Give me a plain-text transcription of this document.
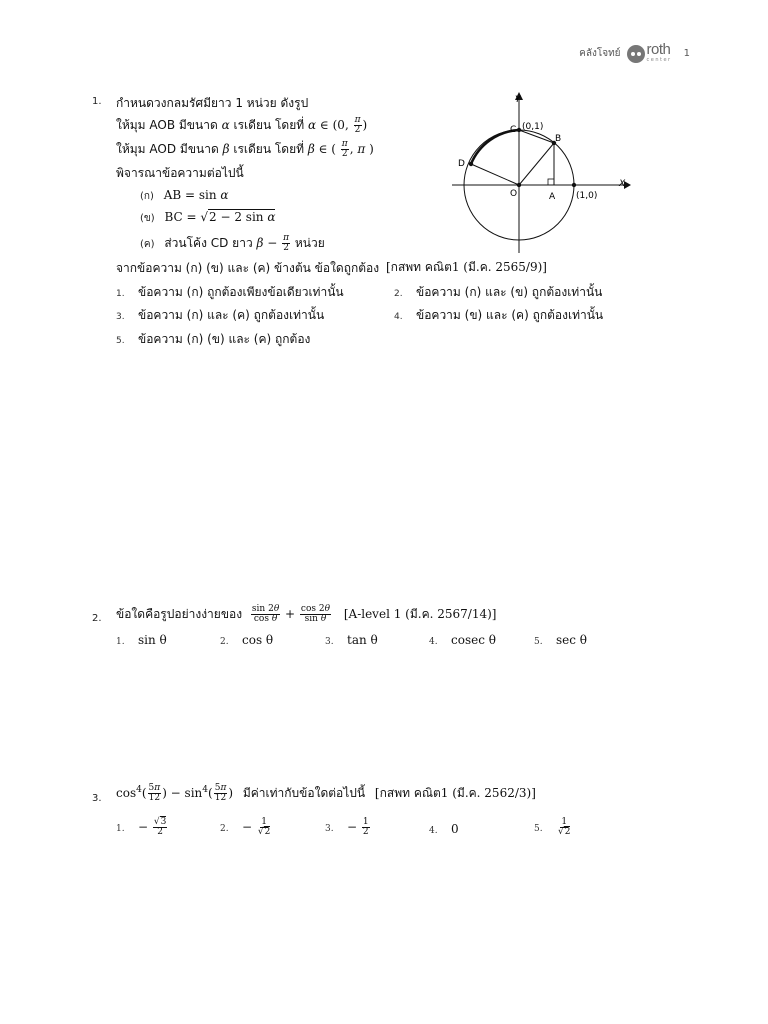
คลังโจทย์ roth
center
1
1. กำหนดวงกลมรัศมียาว 1 หน่วย ดังรูป
ให้มุม AOB มีขนาด α เรเดียน โดยที่ α ∈ (0, $\frac{\pi}{2}$ )
ให้มุม AOD มีขนาด β เรเดียน โดยที่ β ∈ ( $\frac{\pi}{2}$ , π )
พิจารณาข้อความต่อไปนี้
(ก) AB = sin α
(ข) BC = √2 − 2 sin α
(ค) ส่วนโค้ง CD ยาว $\beta - \frac{\pi}{2}$ หน่วย
จากข้อความ (ก) (ข) และ (ค) ข้างต้น ข้อใดถูกต้อง [กสพท คณิต1 (มี.ค. 2565/9)]
1. ข้อความ (ก) ถูกต้องเพียงข้อเดียวเท่านั้น	2. ข้อความ (ก) และ (ข) ถูกต้องเท่านั้น
3. ข้อความ (ก) และ (ค) ถูกต้องเท่านั้น	4. ข้อความ (ข) และ (ค) ถูกต้องเท่านั้น
5. ข้อความ (ก) (ข) และ (ค) ถูกต้อง
Y
X
C (0,1)
B
D
O	A (1,0)
2. ข้อใดคือรูปอย่างง่ายของ $\frac{\sin 2\theta}{\text{cos θ}} + \frac{\cos 2\theta}{\text{sin θ}}$ [A-level 1 (มี.ค. 2567/14)]
1. sin θ	2. cos θ	3. tan θ	4. cosec θ	5. sec θ
3. $\cos^4( \frac{5\pi}{12}$ ) − $\sin^4( \frac{5\pi}{12}$ ) มีค่าเท่ากับข้อใดต่อไปนี้ [กสพท คณิต1 (มี.ค. 2562/3)]
1. − $\frac{√3}{2}$	2. − $\frac{1}{√2}$	3. − $\frac{1}{2}$	4. 0	5. $\frac{1}{√2}$
